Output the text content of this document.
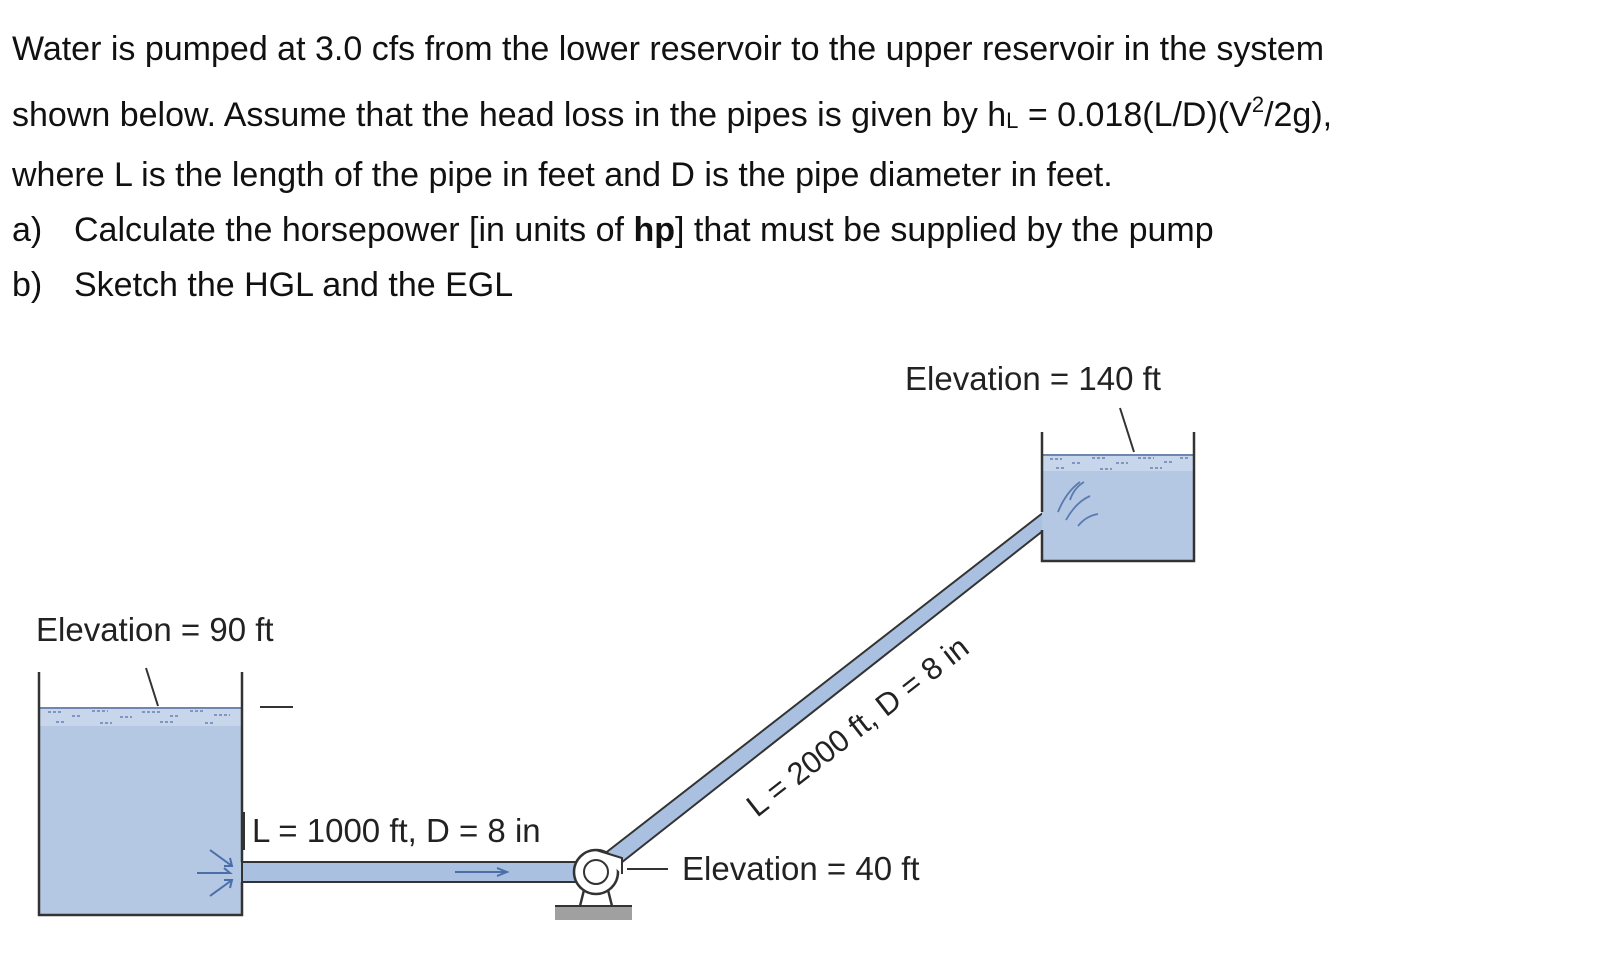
Water is pumped at 3.0 cfs from the lower reservoir to the upper reservoir in the system

shown below. Assume that the head loss in the pipes is given by hL = $0.018(L/D)(V^2/2g)$,

where L is the length of the pipe in feet and D is the pipe diameter in feet.

a) Calculate the horsepower [in units of hp] that must be supplied by the pump

b) Sketch the HGL and the EGL

Elevation = 140 ft
Elevation = 90 ft
Elevation = 40 ft
L = 1000 ft, D = 8 in
L = 2000 ft, D = 8 in
